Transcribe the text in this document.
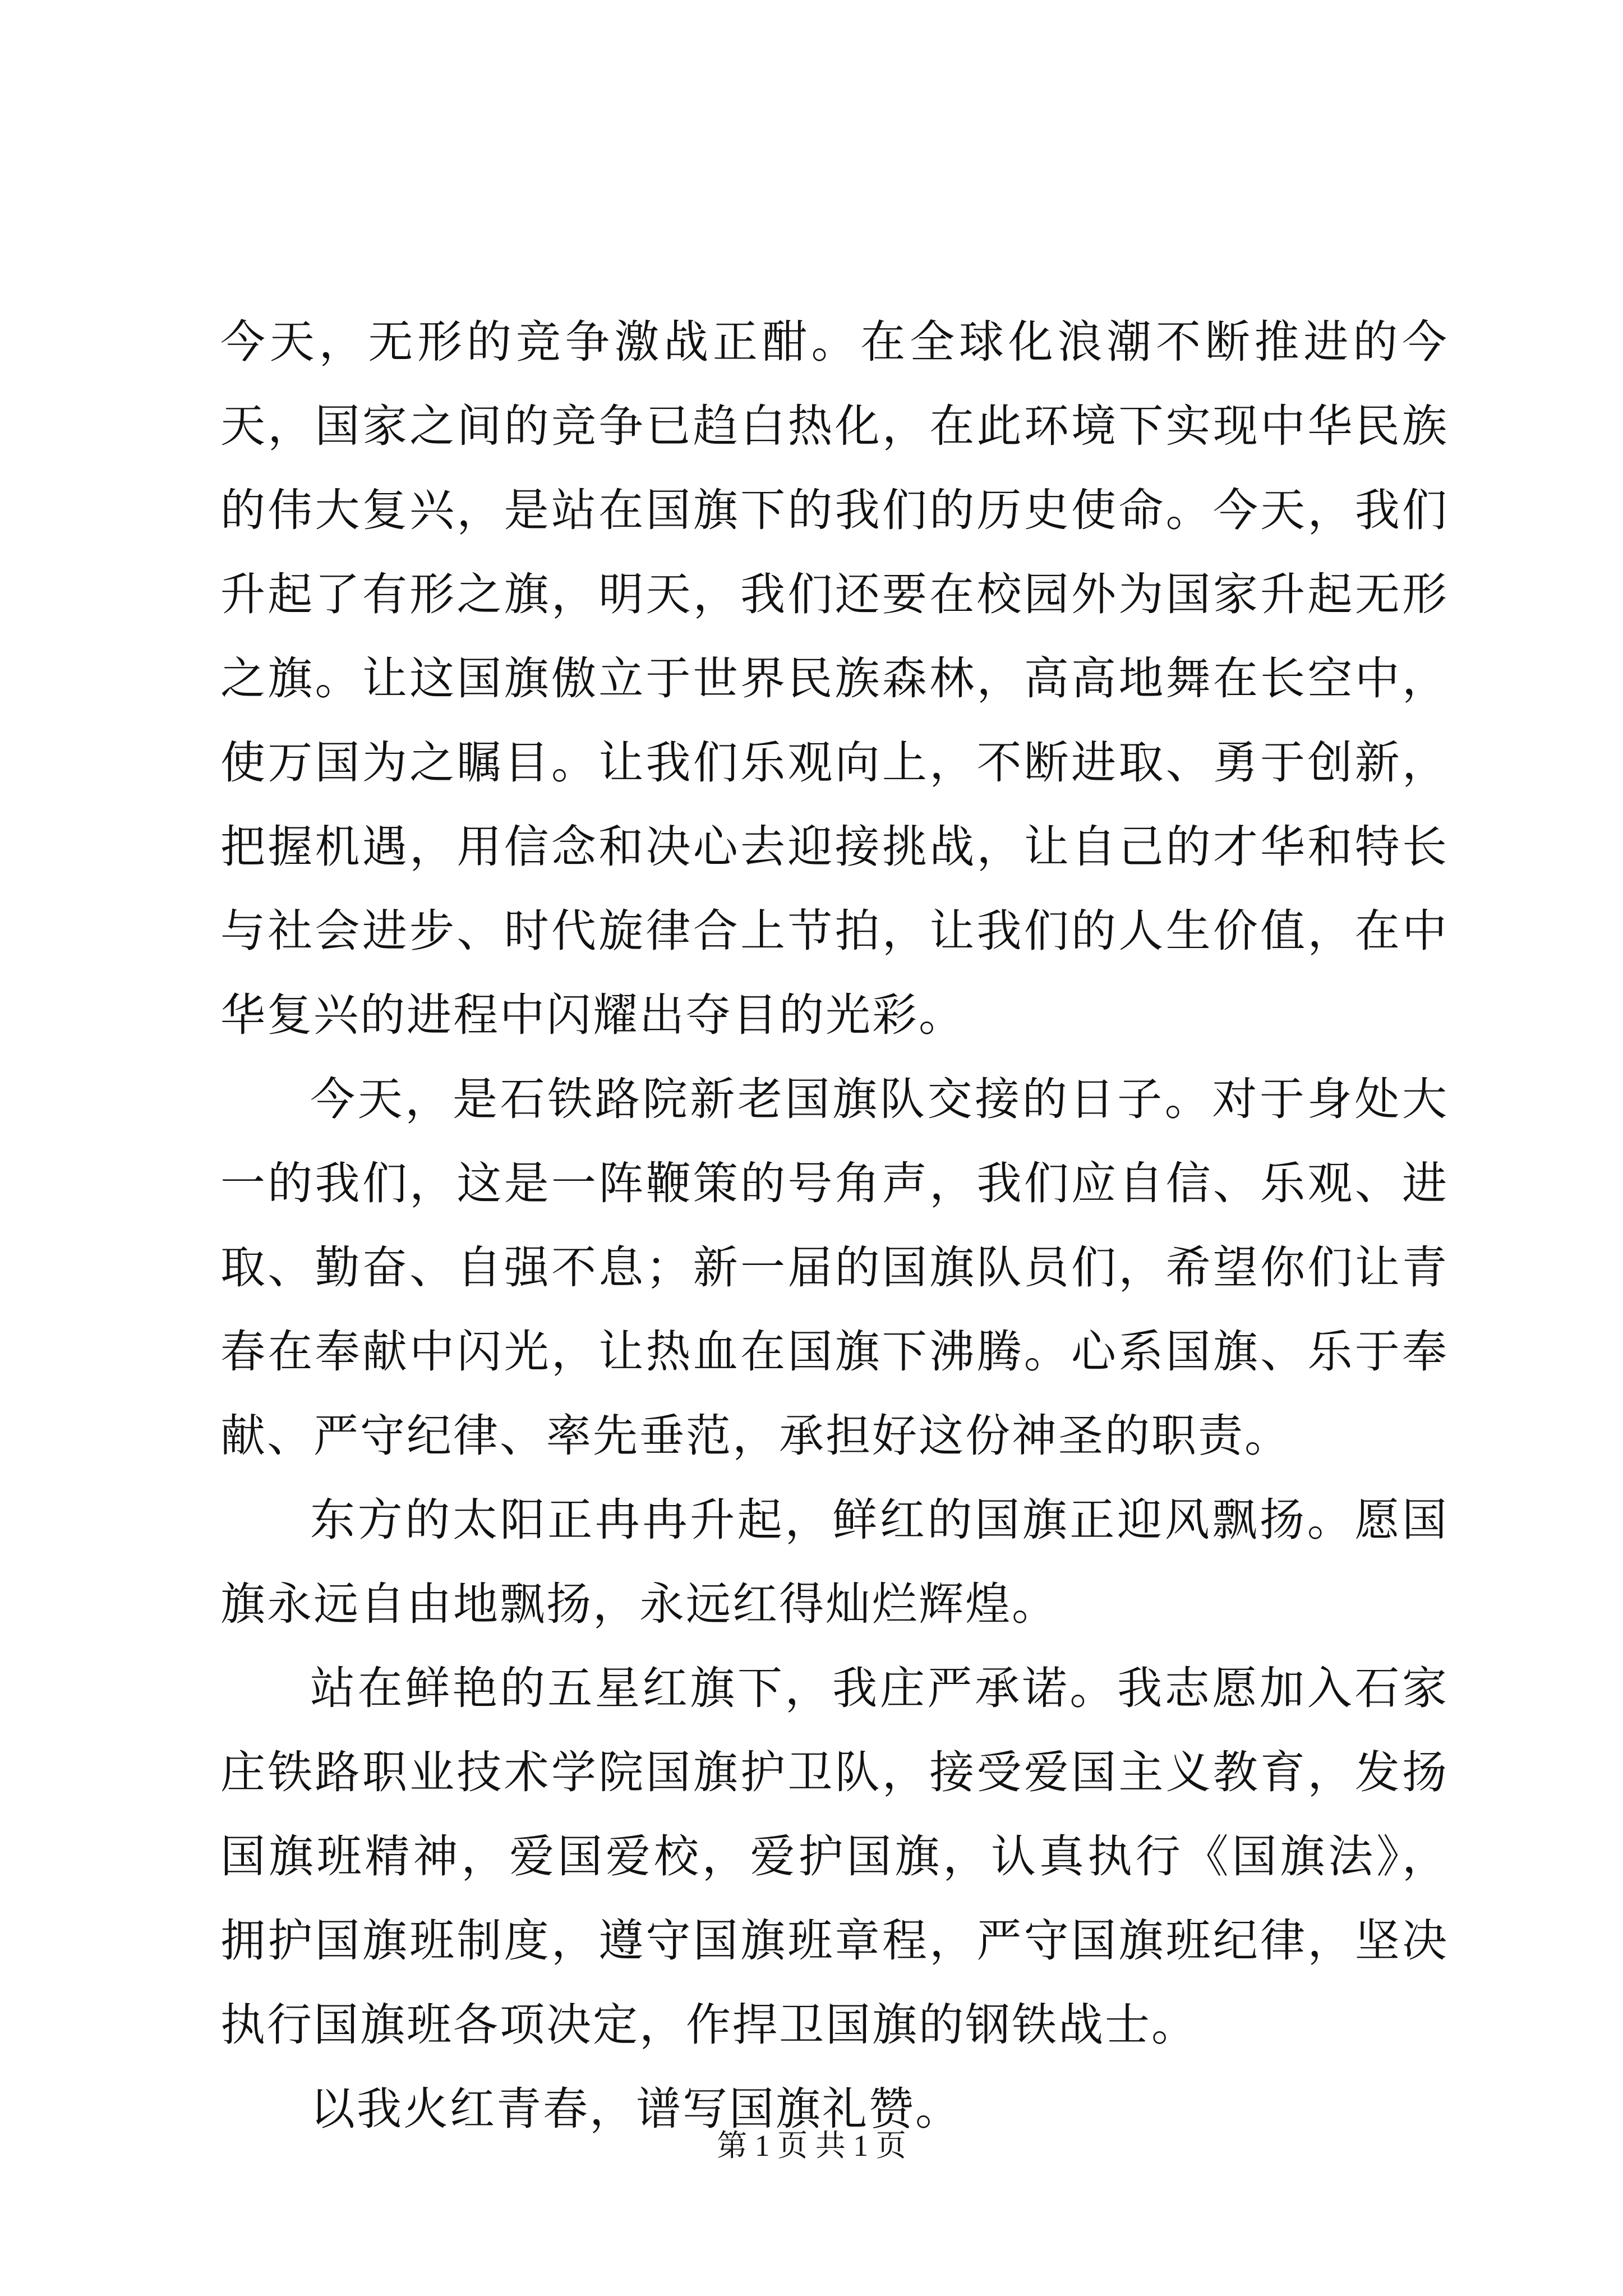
今天，无形的竞争激战正酣。在全球化浪潮不断推进的今天，国家之间的竞争已趋白热化，在此环境下实现中华民族的伟大复兴，是站在国旗下的我们的历史使命。今天，我们升起了有形之旗，明天，我们还要在校园外为国家升起无形之旗。让这国旗傲立于世界民族森林，高高地舞在长空中，使万国为之瞩目。让我们乐观向上，不断进取、勇于创新，把握机遇，用信念和决心去迎接挑战，让自己的才华和特长与社会进步、时代旋律合上节拍，让我们的人生价值，在中华复兴的进程中闪耀出夺目的光彩。

今天，是石铁路院新老国旗队交接的日子。对于身处大一的我们，这是一阵鞭策的号角声，我们应自信、乐观、进取、勤奋、自强不息；新一届的国旗队员们，希望你们让青春在奉献中闪光，让热血在国旗下沸腾。心系国旗、乐于奉献、严守纪律、率先垂范，承担好这份神圣的职责。

东方的太阳正冉冉升起，鲜红的国旗正迎风飘扬。愿国旗永远自由地飘扬，永远红得灿烂辉煌。

站在鲜艳的五星红旗下，我庄严承诺。我志愿加入石家庄铁路职业技术学院国旗护卫队，接受爱国主义教育，发扬国旗班精神，爱国爱校，爱护国旗，认真执行《国旗法》，拥护国旗班制度，遵守国旗班章程，严守国旗班纪律，坚决执行国旗班各项决定，作捍卫国旗的钢铁战士。

以我火红青春，谱写国旗礼赞。

第 1 页 共 1 页
